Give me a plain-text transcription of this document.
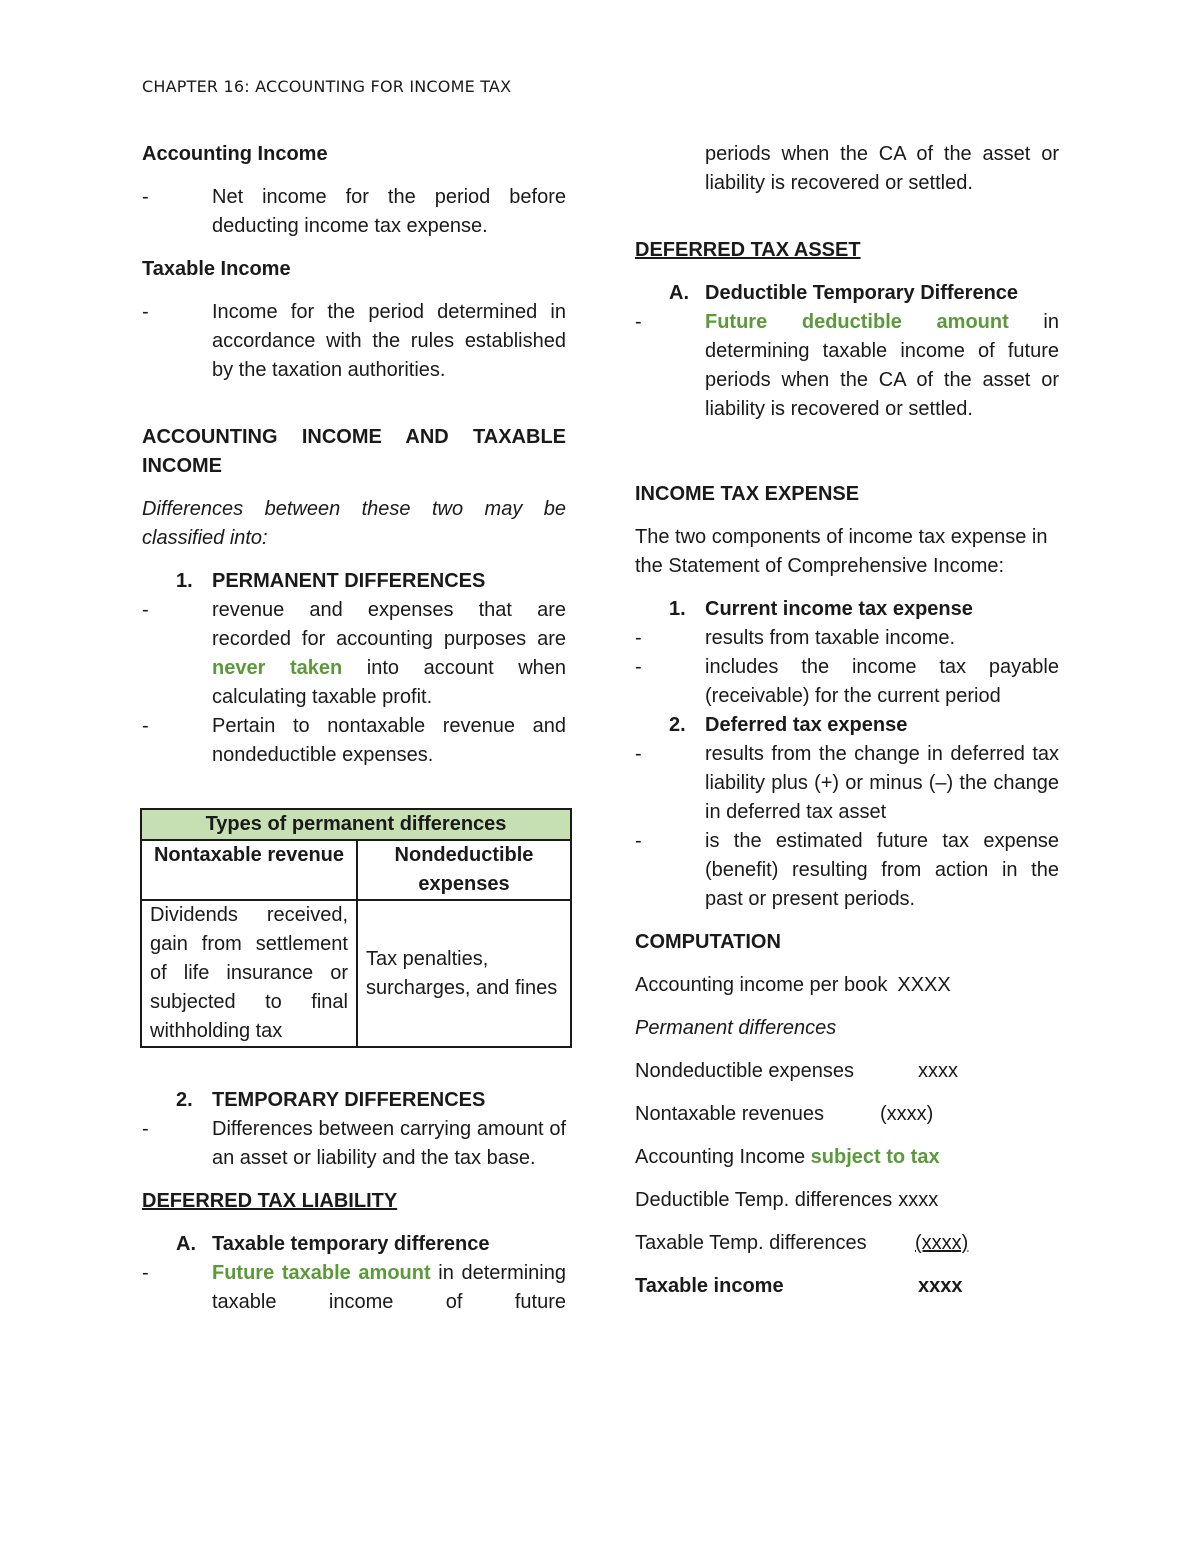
CHAPTER 16: ACCOUNTING FOR INCOME TAX

Accounting Income

-	Net income for the period before deducting income tax expense.

Taxable Income

-	Income for the period determined in accordance with the rules established by the taxation authorities.

ACCOUNTING INCOME AND TAXABLE INCOME

Differences between these two may be classified into:

1. PERMANENT DIFFERENCES
-	revenue and expenses that are recorded for accounting purposes are never taken into account when calculating taxable profit.
-	Pertain to nontaxable revenue and nondeductible expenses.
Types of permanent differences	
Nontaxable revenue	Nondeductible expenses
Dividends received, gain from settlement of life insurance or subjected to final withholding tax	Tax penalties, surcharges, and fines
2. TEMPORARY DIFFERENCES
-	Differences between carrying amount of an asset or liability and the tax base.

DEFERRED TAX LIABILITY

A. Taxable temporary difference
-	Future taxable amount in determining taxable income of future
periods when the CA of the asset or liability is recovered or settled.

DEFERRED TAX ASSET

A. Deductible Temporary Difference
-	Future deductible amount in determining taxable income of future periods when the CA of the asset or liability is recovered or settled.

INCOME TAX EXPENSE

The two components of income tax expense in the Statement of Comprehensive Income:

1. Current income tax expense
-	results from taxable income.
-	includes the income tax payable (receivable) for the current period
2. Deferred tax expense
-	results from the change in deferred tax liability plus (+) or minus (–) the change in deferred tax asset
-	is the estimated future tax expense (benefit) resulting from action in the past or present periods.

COMPUTATION

Accounting income per book XXXX
Permanent differences
Nondeductible expenses	xxxx
Nontaxable revenues	(xxxx)
Accounting Income subject to tax
Deductible Temp. differences xxxx
Taxable Temp. differences	(xxxx)
Taxable income	xxxx
